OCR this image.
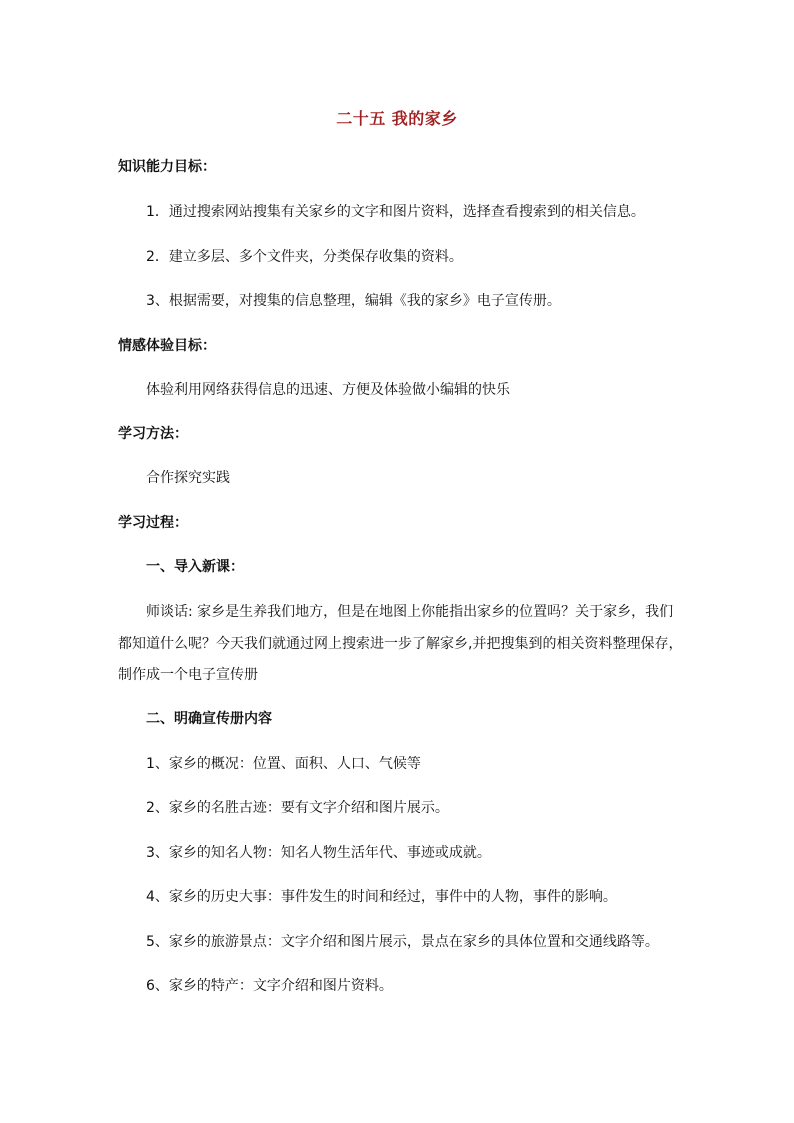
二十五 我的家乡
知识能力目标：
1．通过搜索网站搜集有关家乡的文字和图片资料，选择查看搜索到的相关信息。
2．建立多层、多个文件夹，分类保存收集的资料。
3、根据需要，对搜集的信息整理，编辑《我的家乡》电子宣传册。
情感体验目标：
体验利用网络获得信息的迅速、方便及体验做小编辑的快乐
学习方法：
合作探究实践
学习过程：
一、导入新课：
师谈话: 家乡是生养我们地方，但是在地图上你能指出家乡的位置吗？关于家乡，我们
都知道什么呢？今天我们就通过网上搜索进一步了解家乡,并把搜集到的相关资料整理保存，
制作成一个电子宣传册
二、明确宣传册内容
1、家乡的概况：位置、面积、人口、气候等
2、家乡的名胜古迹：要有文字介绍和图片展示。
3、家乡的知名人物：知名人物生活年代、事迹或成就。
4、家乡的历史大事：事件发生的时间和经过，事件中的人物，事件的影响。
5、家乡的旅游景点：文字介绍和图片展示，景点在家乡的具体位置和交通线路等。
6、家乡的特产：文字介绍和图片资料。
